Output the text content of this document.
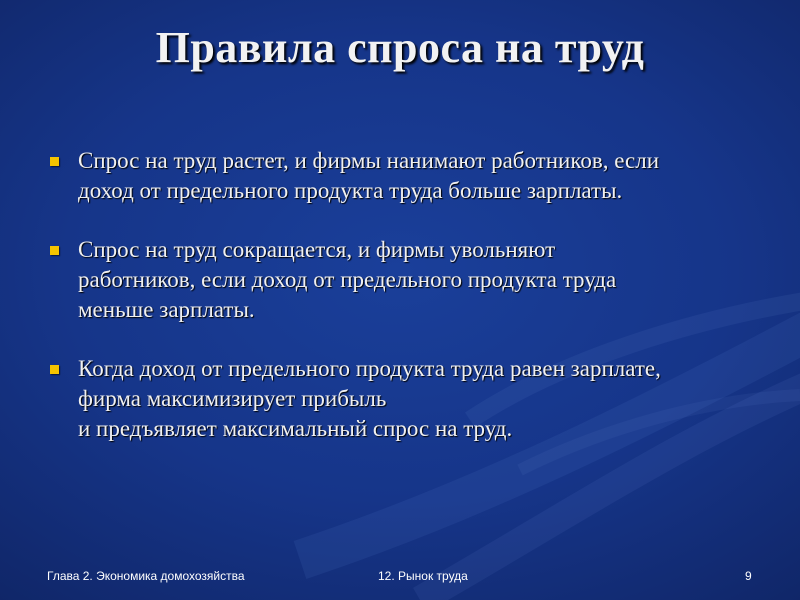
Правила спроса на труд
Спрос на труд растет, и фирмы нанимают работников, если
доход от предельного продукта труда больше зарплаты.
Спрос на труд сокращается, и фирмы увольняют
работников, если доход от предельного продукта труда
меньше зарплаты.
Когда доход от предельного продукта труда равен зарплате,
фирма максимизирует прибыль
и предъявляет максимальный спрос на труд.
Глава 2. Экономика домохозяйства	12. Рынок труда	9
